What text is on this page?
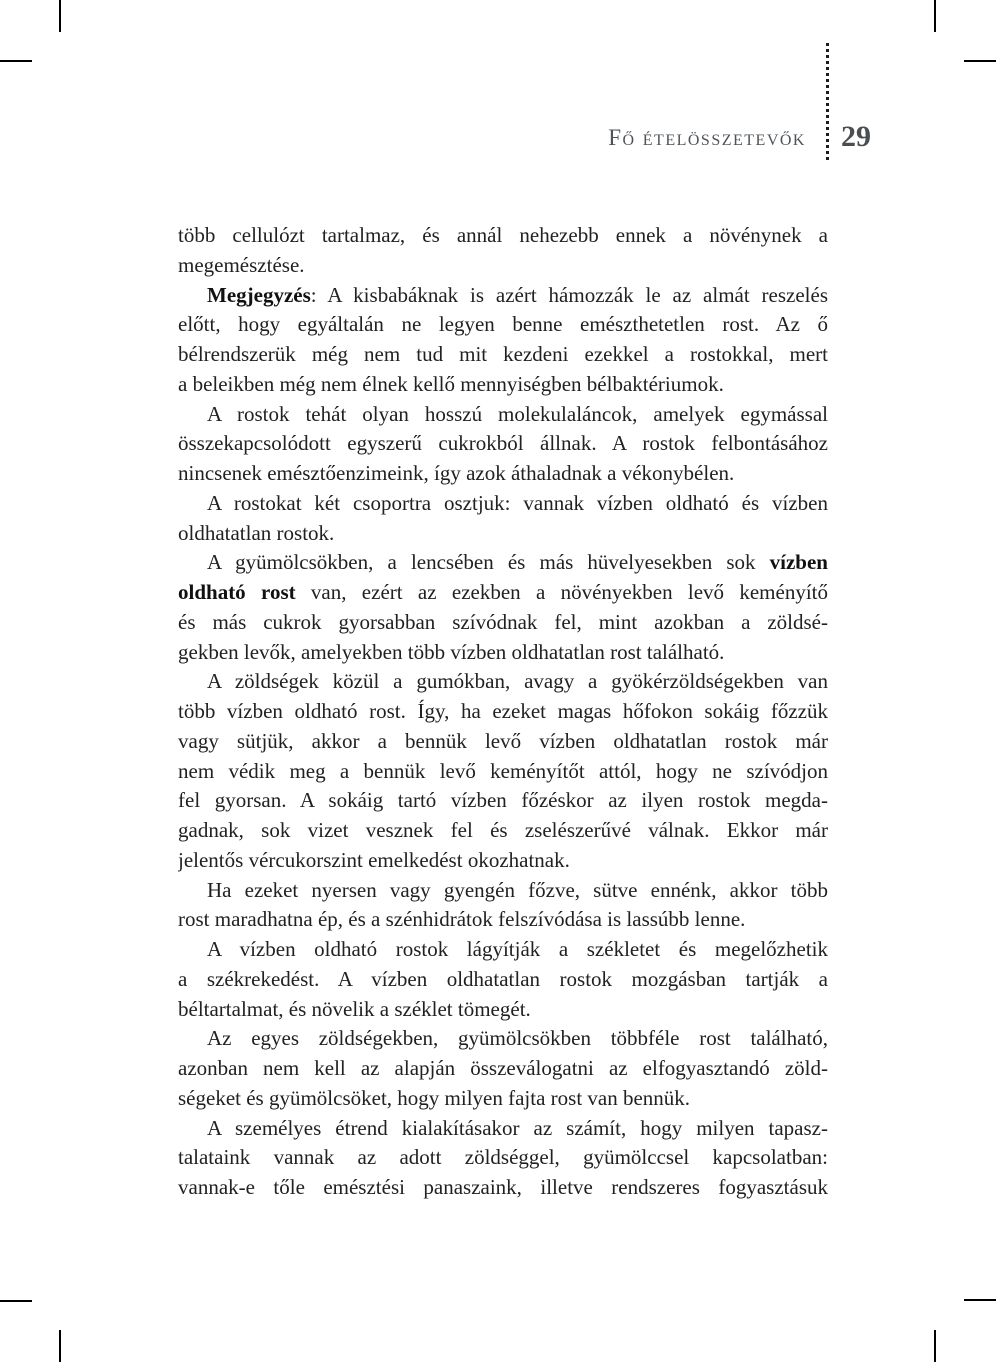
Fő ételösszetevők 29
több cellulózt tartalmaz, és annál nehezebb ennek a növénynek a
megemésztése.
Megjegyzés: A kisbabáknak is azért hámozzák le az almát reszelés
előtt, hogy egyáltalán ne legyen benne emészthetetlen rost. Az ő
bélrendszerük még nem tud mit kezdeni ezekkel a rostokkal, mert
a beleikben még nem élnek kellő mennyiségben bélbaktériumok.
A rostok tehát olyan hosszú molekulaláncok, amelyek egymással
összekapcsolódott egyszerű cukrokból állnak. A rostok felbontásához
nincsenek emésztőenzimeink, így azok áthaladnak a vékonybélen.
A rostokat két csoportra osztjuk: vannak vízben oldható és vízben
oldhatatlan rostok.
A gyümölcsökben, a lencsében és más hüvelyesekben sok vízben
oldható rost van, ezért az ezekben a növényekben levő keményítő
és más cukrok gyorsabban szívódnak fel, mint azokban a zöldsé-
gekben levők, amelyekben több vízben oldhatatlan rost található.
A zöldségek közül a gumókban, avagy a gyökérzöldségekben van
több vízben oldható rost. Így, ha ezeket magas hőfokon sokáig főzzük
vagy sütjük, akkor a bennük levő vízben oldhatatlan rostok már
nem védik meg a bennük levő keményítőt attól, hogy ne szívódjon
fel gyorsan. A sokáig tartó vízben főzéskor az ilyen rostok megda-
gadnak, sok vizet vesznek fel és zselészerűvé válnak. Ekkor már
jelentős vércukorszint emelkedést okozhatnak.
Ha ezeket nyersen vagy gyengén főzve, sütve ennénk, akkor több
rost maradhatna ép, és a szénhidrátok felszívódása is lassúbb lenne.
A vízben oldható rostok lágyítják a székletet és megelőzhetik
a székrekedést. A vízben oldhatatlan rostok mozgásban tartják a
béltartalmat, és növelik a széklet tömegét.
Az egyes zöldségekben, gyümölcsökben többféle rost található,
azonban nem kell az alapján összeválogatni az elfogyasztandó zöld-
ségeket és gyümölcsöket, hogy milyen fajta rost van bennük.
A személyes étrend kialakításakor az számít, hogy milyen tapasz-
talataink vannak az adott zöldséggel, gyümölccsel kapcsolatban:
vannak-e tőle emésztési panaszaink, illetve rendszeres fogyasztásuk
